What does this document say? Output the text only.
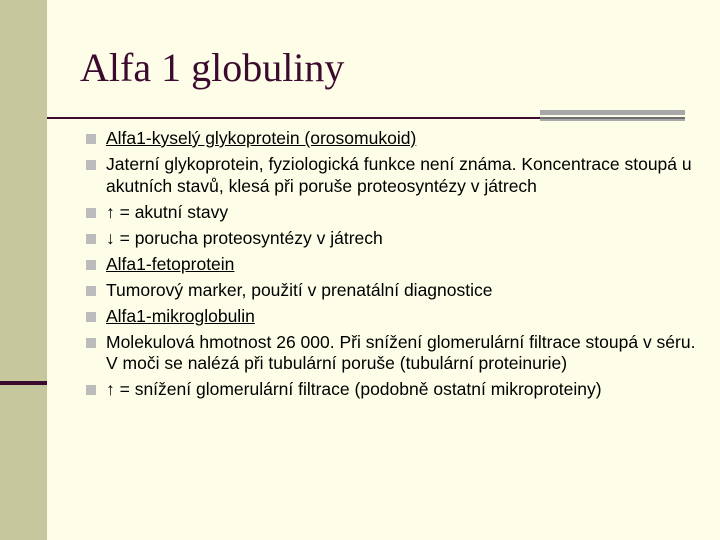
Alfa 1 globuliny
Alfa1-kyselý glykoprotein (orosomukoid)
Jaterní glykoprotein, fyziologická funkce není známa. Koncentrace stoupá u akutních stavů, klesá při poruše proteosyntézy v játrech
↑ = akutní stavy
↓ = porucha proteosyntézy v játrech
Alfa1-fetoprotein
Tumorový marker, použití v prenatální diagnostice
Alfa1-mikroglobulin
Molekulová hmotnost 26 000. Při snížení glomerulární filtrace stoupá v séru. V moči se nalézá při tubulární poruše (tubulární proteinurie)
↑ = snížení glomerulární filtrace (podobně ostatní mikroproteiny)
